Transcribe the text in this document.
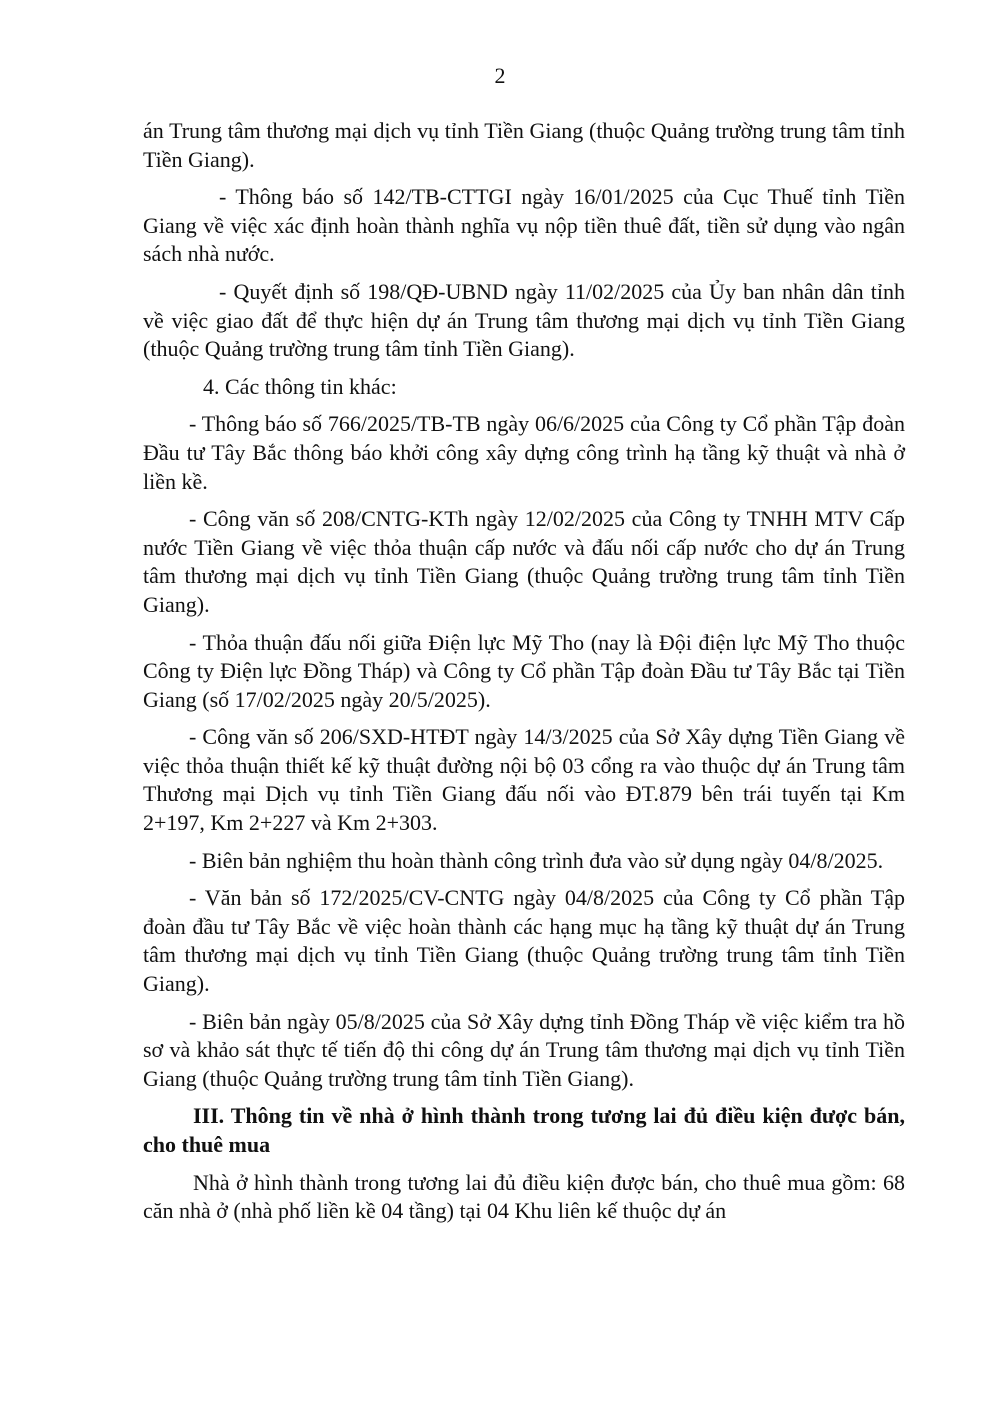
2

án Trung tâm thương mại dịch vụ tỉnh Tiền Giang (thuộc Quảng trường trung tâm tỉnh Tiền Giang).

- Thông báo số 142/TB-CTTGI ngày 16/01/2025 của Cục Thuế tỉnh Tiền Giang về việc xác định hoàn thành nghĩa vụ nộp tiền thuê đất, tiền sử dụng vào ngân sách nhà nước.

- Quyết định số 198/QĐ-UBND ngày 11/02/2025 của Ủy ban nhân dân tỉnh về việc giao đất để thực hiện dự án Trung tâm thương mại dịch vụ tỉnh Tiền Giang (thuộc Quảng trường trung tâm tỉnh Tiền Giang).

4. Các thông tin khác:

- Thông báo số 766/2025/TB-TB ngày 06/6/2025 của Công ty Cổ phần Tập đoàn Đầu tư Tây Bắc thông báo khởi công xây dựng công trình hạ tầng kỹ thuật và nhà ở liền kề.

- Công văn số 208/CNTG-KTh ngày 12/02/2025 của Công ty TNHH MTV Cấp nước Tiền Giang về việc thỏa thuận cấp nước và đấu nối cấp nước cho dự án Trung tâm thương mại dịch vụ tỉnh Tiền Giang (thuộc Quảng trường trung tâm tỉnh Tiền Giang).

- Thỏa thuận đấu nối giữa Điện lực Mỹ Tho (nay là Đội điện lực Mỹ Tho thuộc Công ty Điện lực Đồng Tháp) và Công ty Cổ phần Tập đoàn Đầu tư Tây Bắc tại Tiền Giang (số 17/02/2025 ngày 20/5/2025).

- Công văn số 206/SXD-HTĐT ngày 14/3/2025 của Sở Xây dựng Tiền Giang về việc thỏa thuận thiết kế kỹ thuật đường nội bộ 03 cổng ra vào thuộc dự án Trung tâm Thương mại Dịch vụ tỉnh Tiền Giang đấu nối vào ĐT.879 bên trái tuyến tại Km 2+197, Km 2+227 và Km 2+303.

- Biên bản nghiệm thu hoàn thành công trình đưa vào sử dụng ngày 04/8/2025.

- Văn bản số 172/2025/CV-CNTG ngày 04/8/2025 của Công ty Cổ phần Tập đoàn đầu tư Tây Bắc về việc hoàn thành các hạng mục hạ tầng kỹ thuật dự án Trung tâm thương mại dịch vụ tỉnh Tiền Giang (thuộc Quảng trường trung tâm tỉnh Tiền Giang).

- Biên bản ngày 05/8/2025 của Sở Xây dựng tỉnh Đồng Tháp về việc kiểm tra hồ sơ và khảo sát thực tế tiến độ thi công dự án Trung tâm thương mại dịch vụ tỉnh Tiền Giang (thuộc Quảng trường trung tâm tỉnh Tiền Giang).

III. Thông tin về nhà ở hình thành trong tương lai đủ điều kiện được bán, cho thuê mua

Nhà ở hình thành trong tương lai đủ điều kiện được bán, cho thuê mua gồm: 68 căn nhà ở (nhà phố liền kề 04 tầng) tại 04 Khu liên kế thuộc dự án
